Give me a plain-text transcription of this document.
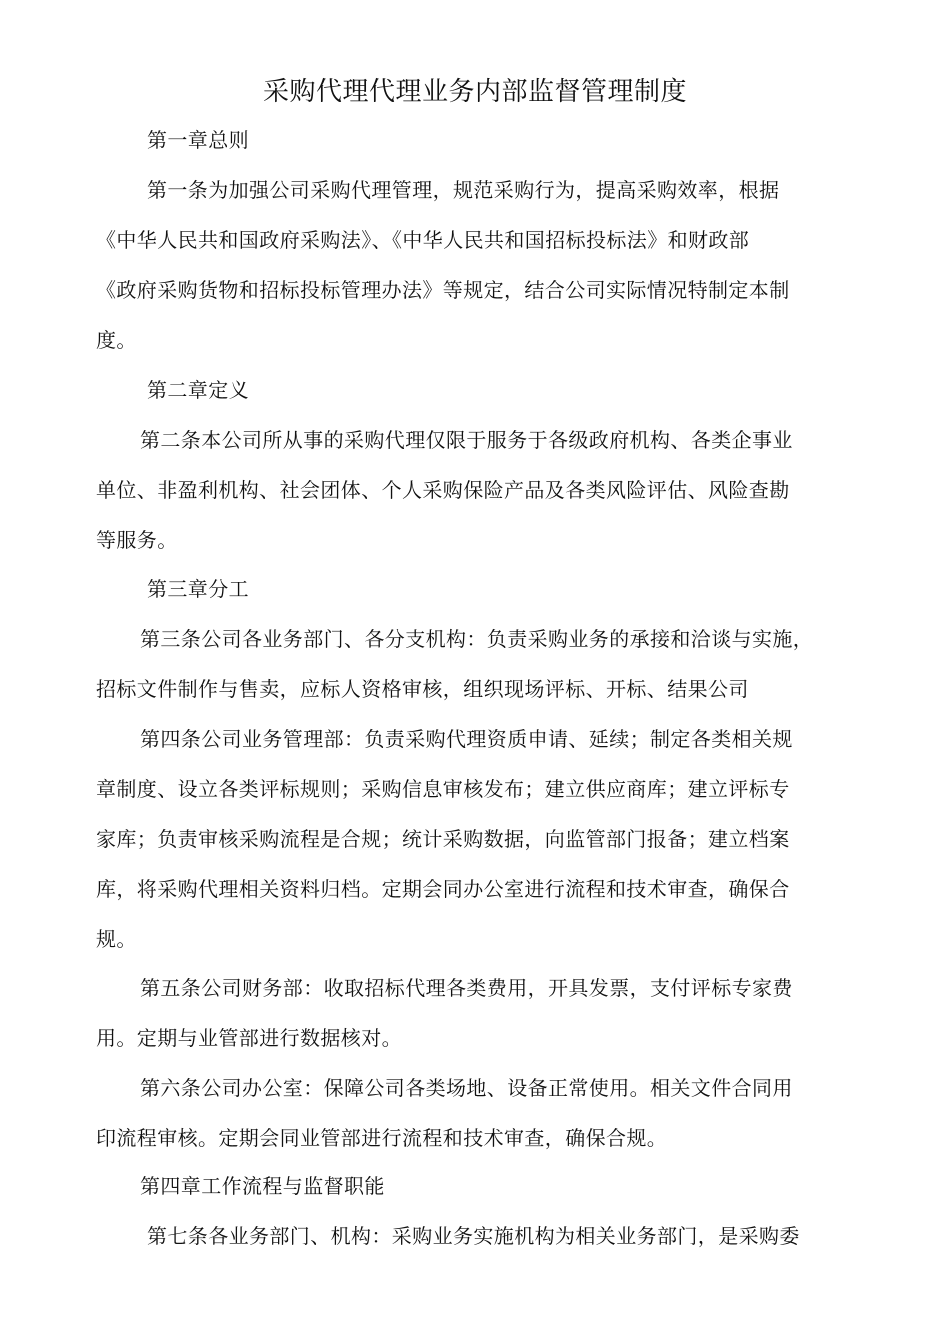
采购代理代理业务内部监督管理制度
第一章总则
第一条为加强公司采购代理管理，规范采购行为，提高采购效率，根据
《中华人民共和国政府采购法》、《中华人民共和国招标投标法》和财政部
《政府采购货物和招标投标管理办法》等规定，结合公司实际情况特制定本制
度。
第二章定义
第二条本公司所从事的采购代理仅限于服务于各级政府机构、各类企事业
单位、非盈利机构、社会团体、个人采购保险产品及各类风险评估、风险查勘
等服务。
第三章分工
第三条公司各业务部门、各分支机构：负责采购业务的承接和洽谈与实施，
招标文件制作与售卖，应标人资格审核，组织现场评标、开标、结果公司
第四条公司业务管理部：负责采购代理资质申请、延续；制定各类相关规
章制度、设立各类评标规则；采购信息审核发布；建立供应商库；建立评标专
家库；负责审核采购流程是合规；统计采购数据，向监管部门报备；建立档案
库，将采购代理相关资料归档。定期会同办公室进行流程和技术审查，确保合
规。
第五条公司财务部：收取招标代理各类费用，开具发票，支付评标专家费
用。定期与业管部进行数据核对。
第六条公司办公室：保障公司各类场地、设备正常使用。相关文件合同用
印流程审核。定期会同业管部进行流程和技术审查，确保合规。
第四章工作流程与监督职能
第七条各业务部门、机构：采购业务实施机构为相关业务部门，是采购委
